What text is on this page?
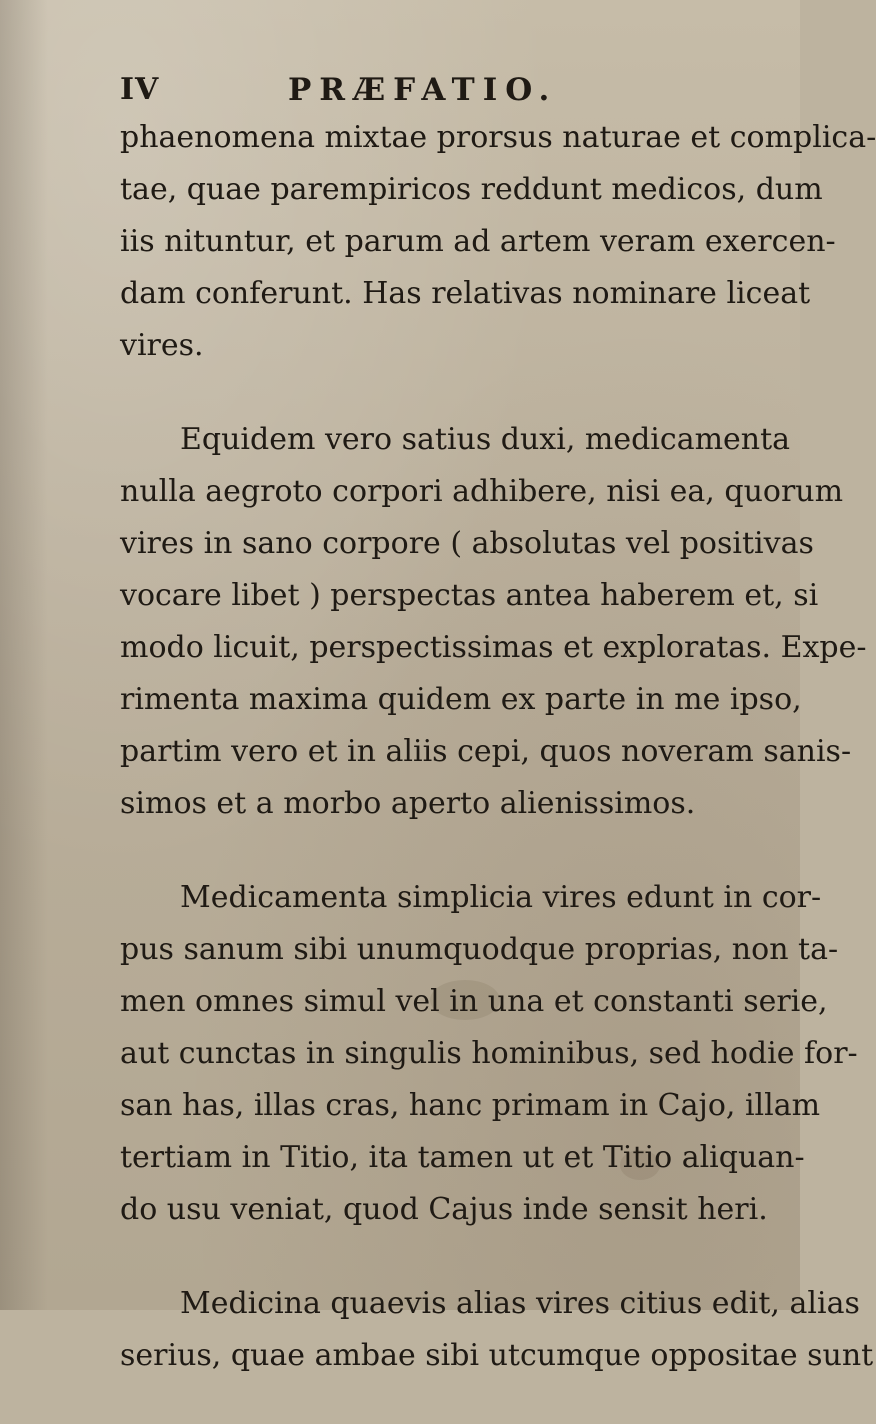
IV	PRÆFATIO.
phaenomena mixtae prorsus naturae et complica-
tae, quae parempiricos reddunt medicos, dum
iis nituntur, et parum ad artem veram exercen-
dam conferunt. Has relativas nominare liceat
vires.
Equidem vero satius duxi, medicamenta
nulla aegroto corpori adhibere, nisi ea, quorum
vires in sano corpore ( absolutas vel positivas
vocare libet ) perspectas antea haberem et, si
modo licuit, perspectissimas et exploratas. Expe-
rimenta maxima quidem ex parte in me ipso,
partim vero et in aliis cepi, quos noveram sanis-
simos et a morbo aperto alienissimos.
Medicamenta simplicia vires edunt in cor-
pus sanum sibi unumquodque proprias, non ta-
men omnes simul vel in una et constanti serie,
aut cunctas in singulis hominibus, sed hodie for-
san has, illas cras, hanc primam in Cajo, illam
tertiam in Titio, ita tamen ut et Titio aliquan-
do usu veniat, quod Cajus inde sensit heri.
Medicina quaevis alias vires citius edit, alias
serius, quae ambae sibi utcumque oppositae sunt
